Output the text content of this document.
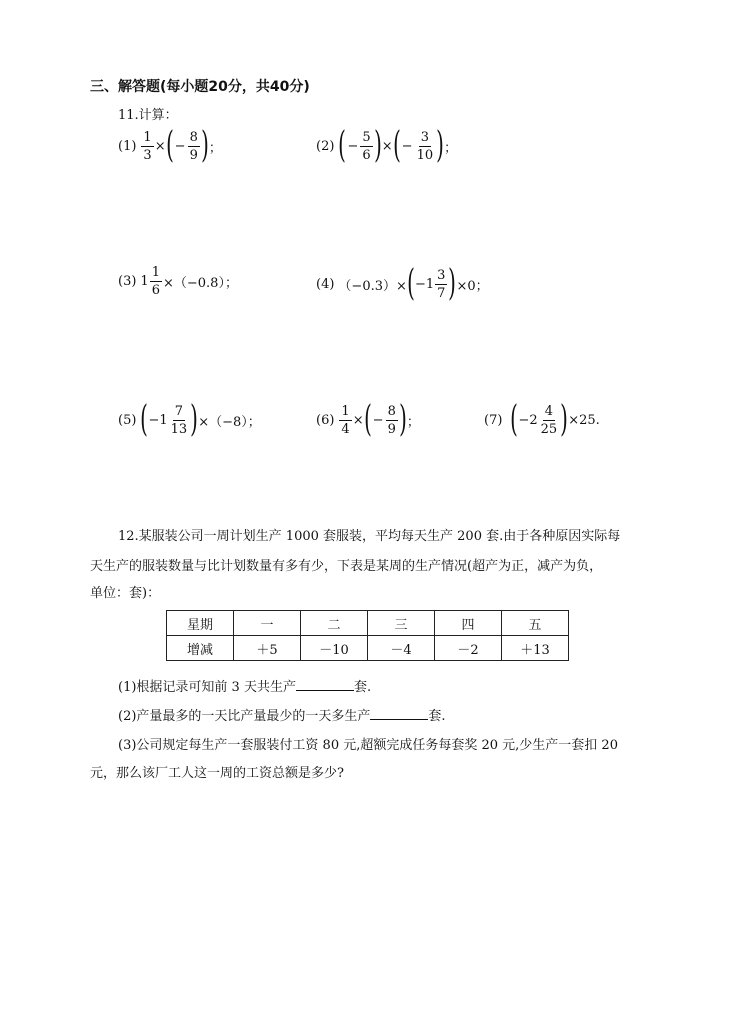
三、解答题(每小题20分，共40分)
11.计算：
$(1) \frac{1}{3}$ × ( − $\frac{8}{9}$ ) ；	(2) ( − $\frac{5}{6}$ ) × ( − $\frac{3}{10}$ ) ；
(3) $1 \frac{1}{6} \times(-0.8)$；	(4) （−0.3）× ( $-1 \frac{3}{7}$ ) ×0；
(5) ( $-1 \frac{7}{13}$ ) ×（−8）；	$(6) \frac{1}{4}$ × ( − $\frac{8}{9}$ ) ；	(7) ( $-2 \frac{4}{25}$ ) ×25.
12.某服装公司一周计划生产 1000 套服装，平均每天生产 200 套.由于各种原因实际每
天生产的服装数量与比计划数量有多有少，下表是某周的生产情况(超产为正，减产为负，
单位：套)：
星期	一	二	三	四	五
增减	＋5	－10	－4	－2	＋13
(1)根据记录可知前 3 天共生产	套.
(2)产量最多的一天比产量最少的一天多生产	套.
(3)公司规定每生产一套服装付工资 80 元,超额完成任务每套奖 20 元,少生产一套扣 20
元，那么该厂工人这一周的工资总额是多少?
